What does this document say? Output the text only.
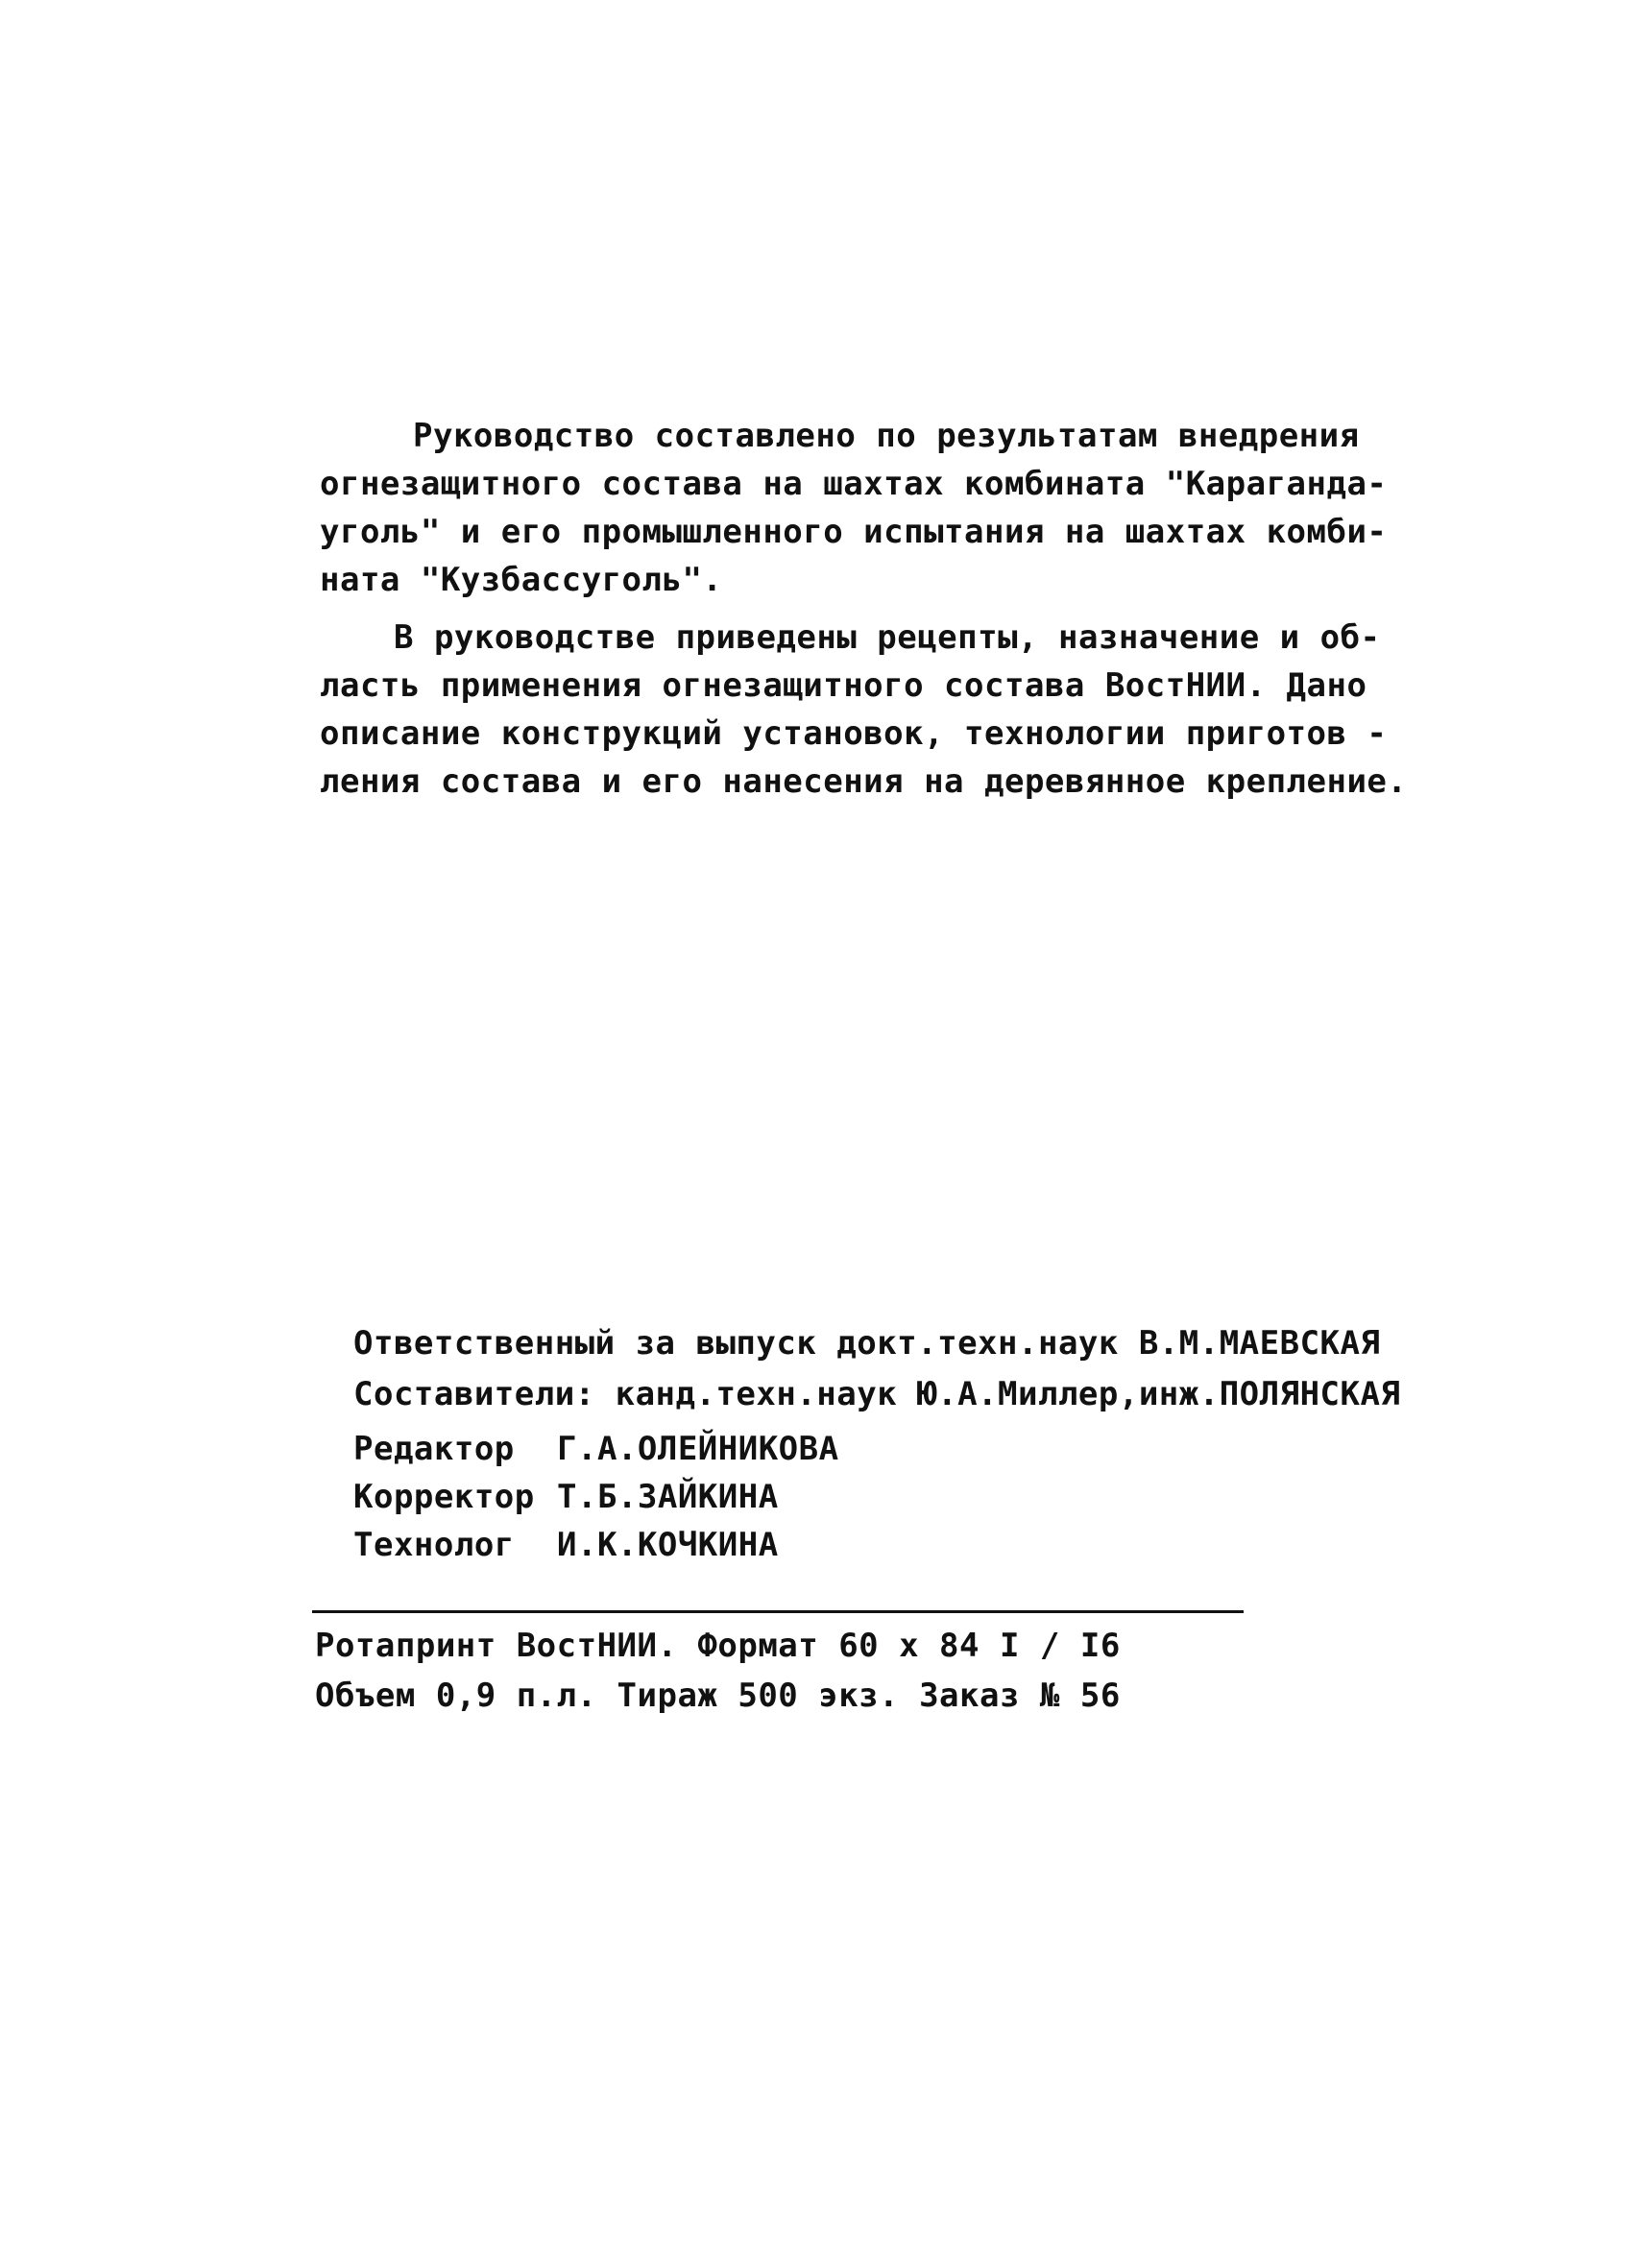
Руководство составлено по результатам внедрения
огнезащитного состава на шахтах комбината "Караганда-
уголь" и его промышленного испытания на шахтах комби-
ната "Кузбассуголь".
В руководстве приведены рецепты, назначение и об-
ласть применения огнезащитного состава ВостНИИ. Дано
описание конструкций установок, технологии приготов -
ления состава и его нанесения на деревянное крепление.
Ответственный за выпуск докт.техн.наук В.М.МАЕВСКАЯ
Составители: канд.техн.наук Ю.А.Миллер,инж.ПОЛЯНСКАЯ
Редактор Г.А.ОЛЕЙНИКОВА
Корректор Т.Б.ЗАЙКИНА
Технолог И.К.КОЧКИНА
Ротапринт ВостНИИ. Формат 60 х 84 I / I6
Объем 0,9 п.л. Тираж 500 экз. Заказ № 56
